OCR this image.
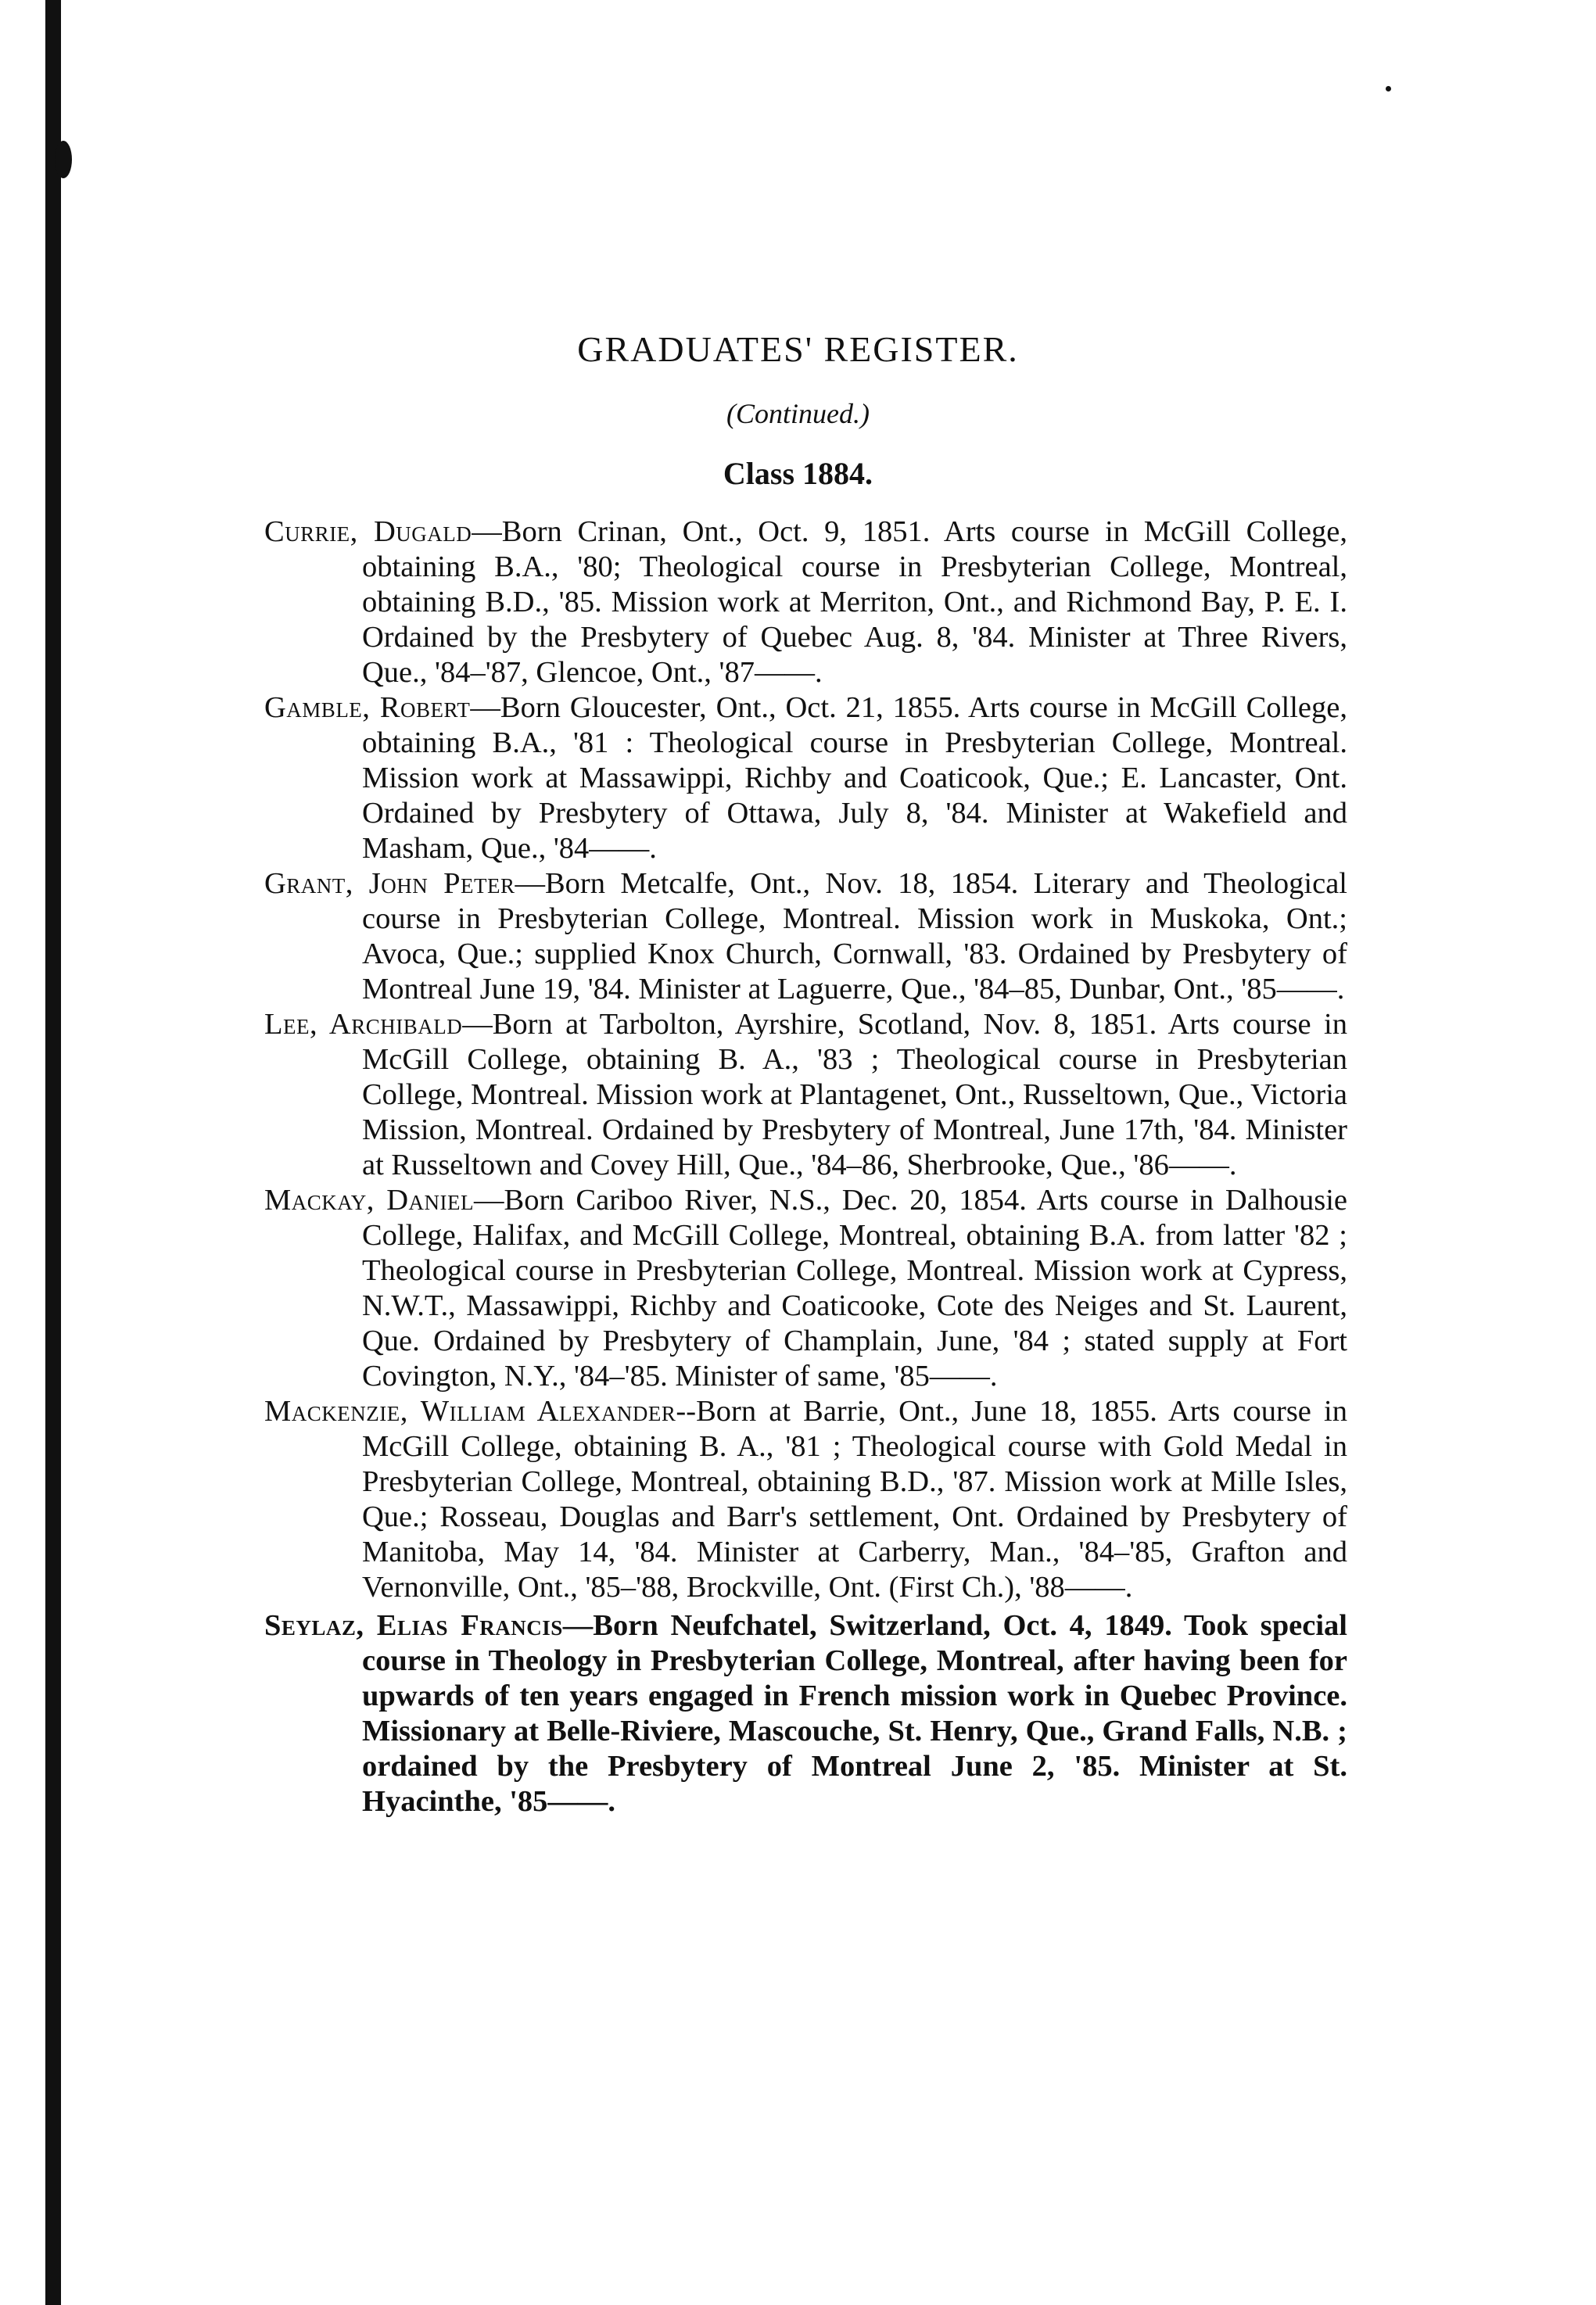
GRADUATES' REGISTER.
(Continued.)
Class 1884.

Currie, Dugald—Born Crinan, Ont., Oct. 9, 1851. Arts course in McGill College, obtaining B.A., '80; Theological course in Presbyterian College, Montreal, obtaining B.D., '85. Mission work at Merriton, Ont., and Richmond Bay, P. E. I. Ordained by the Presbytery of Quebec Aug. 8, '84. Minister at Three Rivers, Que., '84–'87, Glencoe, Ont., '87——.

Gamble, Robert—Born Gloucester, Ont., Oct. 21, 1855. Arts course in McGill College, obtaining B.A., '81 : Theological course in Presbyterian College, Montreal. Mission work at Massawippi, Richby and Coaticook, Que.; E. Lancaster, Ont. Ordained by Presbytery of Ottawa, July 8, '84. Minister at Wakefield and Masham, Que., '84——.

Grant, John Peter—Born Metcalfe, Ont., Nov. 18, 1854. Literary and Theological course in Presbyterian College, Montreal. Mission work in Muskoka, Ont.; Avoca, Que.; supplied Knox Church, Cornwall, '83. Ordained by Presbytery of Montreal June 19, '84. Minister at Laguerre, Que., '84–85, Dunbar, Ont., '85——.

Lee, Archibald—Born at Tarbolton, Ayrshire, Scotland, Nov. 8, 1851. Arts course in McGill College, obtaining B. A., '83 ; Theological course in Presbyterian College, Montreal. Mission work at Plantagenet, Ont., Russeltown, Que., Victoria Mission, Montreal. Ordained by Presbytery of Montreal, June 17th, '84. Minister at Russeltown and Covey Hill, Que., '84–86, Sherbrooke, Que., '86——.

Mackay, Daniel—Born Cariboo River, N.S., Dec. 20, 1854. Arts course in Dalhousie College, Halifax, and McGill College, Montreal, obtaining B.A. from latter '82 ; Theological course in Presbyterian College, Montreal. Mission work at Cypress, N.W.T., Massawippi, Richby and Coaticooke, Cote des Neiges and St. Laurent, Que. Ordained by Presbytery of Champlain, June, '84 ; stated supply at Fort Covington, N.Y., '84–'85. Minister of same, '85——.

Mackenzie, William Alexander--Born at Barrie, Ont., June 18, 1855. Arts course in McGill College, obtaining B. A., '81 ; Theological course with Gold Medal in Presbyterian College, Montreal, obtaining B.D., '87. Mission work at Mille Isles, Que.; Rosseau, Douglas and Barr's settlement, Ont. Ordained by Presbytery of Manitoba, May 14, '84. Minister at Carberry, Man., '84–'85, Grafton and Vernonville, Ont., '85–'88, Brockville, Ont. (First Ch.), '88——.

Seylaz, Elias Francis—Born Neufchatel, Switzerland, Oct. 4, 1849. Took special course in Theology in Presbyterian College, Montreal, after having been for upwards of ten years engaged in French mission work in Quebec Province. Missionary at Belle-Riviere, Mascouche, St. Henry, Que., Grand Falls, N.B. ; ordained by the Presbytery of Montreal June 2, '85. Minister at St. Hyacinthe, '85——.
